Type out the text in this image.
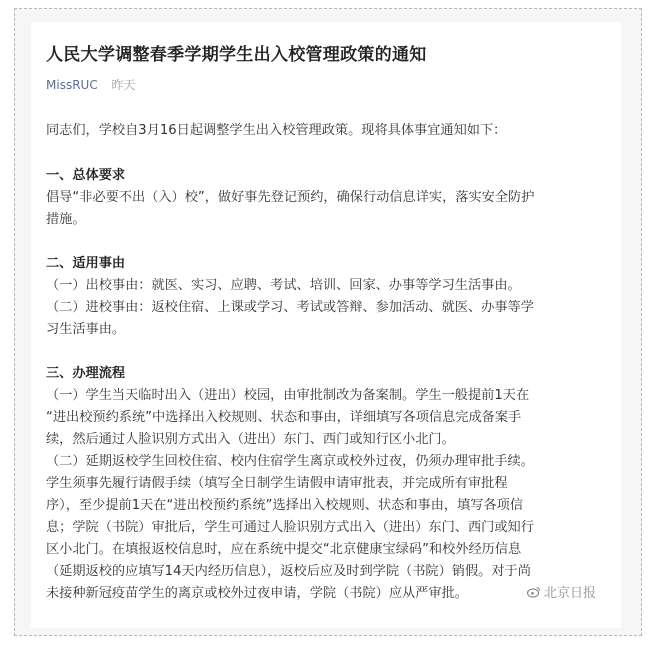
人民大学调整春季学期学生出入校管理政策的通知
MissRUC 昨天
同志们，学校自3月16日起调整学生出入校管理政策。现将具体事宜通知如下：
一、总体要求
倡导“非必要不出（入）校”，做好事先登记预约，确保行动信息详实，落实安全防护
措施。
二、适用事由
（一）出校事由：就医、实习、应聘、考试、培训、回家、办事等学习生活事由。
（二）进校事由：返校住宿、上课或学习、考试或答辩、参加活动、就医、办事等学
习生活事由。
三、办理流程
（一）学生当天临时出入（进出）校园，由审批制改为备案制。学生一般提前1天在
“进出校预约系统”中选择出入校规则、状态和事由，详细填写各项信息完成备案手
续，然后通过人脸识别方式出入（进出）东门、西门或知行区小北门。
（二）延期返校学生回校住宿、校内住宿学生离京或校外过夜，仍须办理审批手续。
学生须事先履行请假手续（填写全日制学生请假申请审批表，并完成所有审批程
序），至少提前1天在“进出校预约系统”选择出入校规则、状态和事由，填写各项信
息；学院（书院）审批后，学生可通过人脸识别方式出入（进出）东门、西门或知行
区小北门。在填报返校信息时，应在系统中提交“北京健康宝绿码”和校外经历信息
（延期返校的应填写14天内经历信息），返校后应及时到学院（书院）销假。对于尚
未接种新冠疫苗学生的离京或校外过夜申请，学院（书院）应从严审批。	北京日报
